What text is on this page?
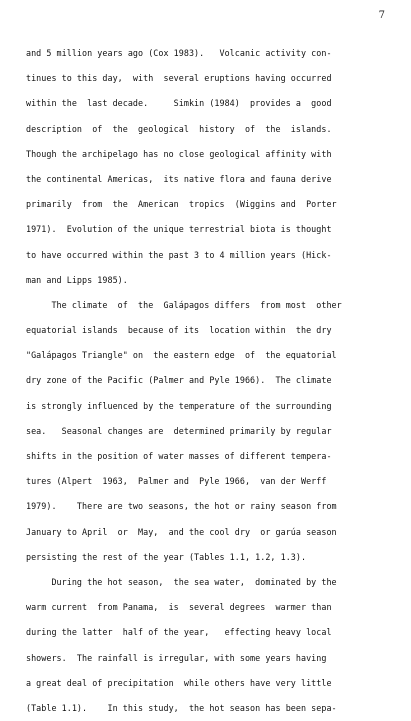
7
and 5 million years ago (Cox 1983).   Volcanic activity con-
tinues to this day,  with  several eruptions having occurred
within the  last decade.     Simkin (1984)  provides a  good
description  of  the  geological  history  of  the  islands.
Though the archipelago has no close geological affinity with
the continental Americas,  its native flora and fauna derive
primarily  from  the  American  tropics  (Wiggins and  Porter
1971).  Evolution of the unique terrestrial biota is thought
to have occurred within the past 3 to 4 million years (Hick-
man and Lipps 1985).
The climate  of  the  Galápagos differs  from most  other
equatorial islands  because of its  location within  the dry
"Galápagos Triangle" on  the eastern edge  of  the equatorial
dry zone of the Pacific (Palmer and Pyle 1966).  The climate
is strongly influenced by the temperature of the surrounding
sea.   Seasonal changes are  determined primarily by regular
shifts in the position of water masses of different tempera-
tures (Alpert  1963,  Palmer and  Pyle 1966,  van der Werff
1979).    There are two seasons, the hot or rainy season from
January to April  or  May,  and the cool dry  or garúa season
persisting the rest of the year (Tables 1.1, 1.2, 1.3).
During the hot season,  the sea water,  dominated by the
warm current  from Panama,  is  several degrees  warmer than
during the latter  half of the year,   effecting heavy local
showers.  The rainfall is irregular, with some years having
a great deal of precipitation  while others have very little
(Table 1.1).    In this study,  the hot season has been sepa-
